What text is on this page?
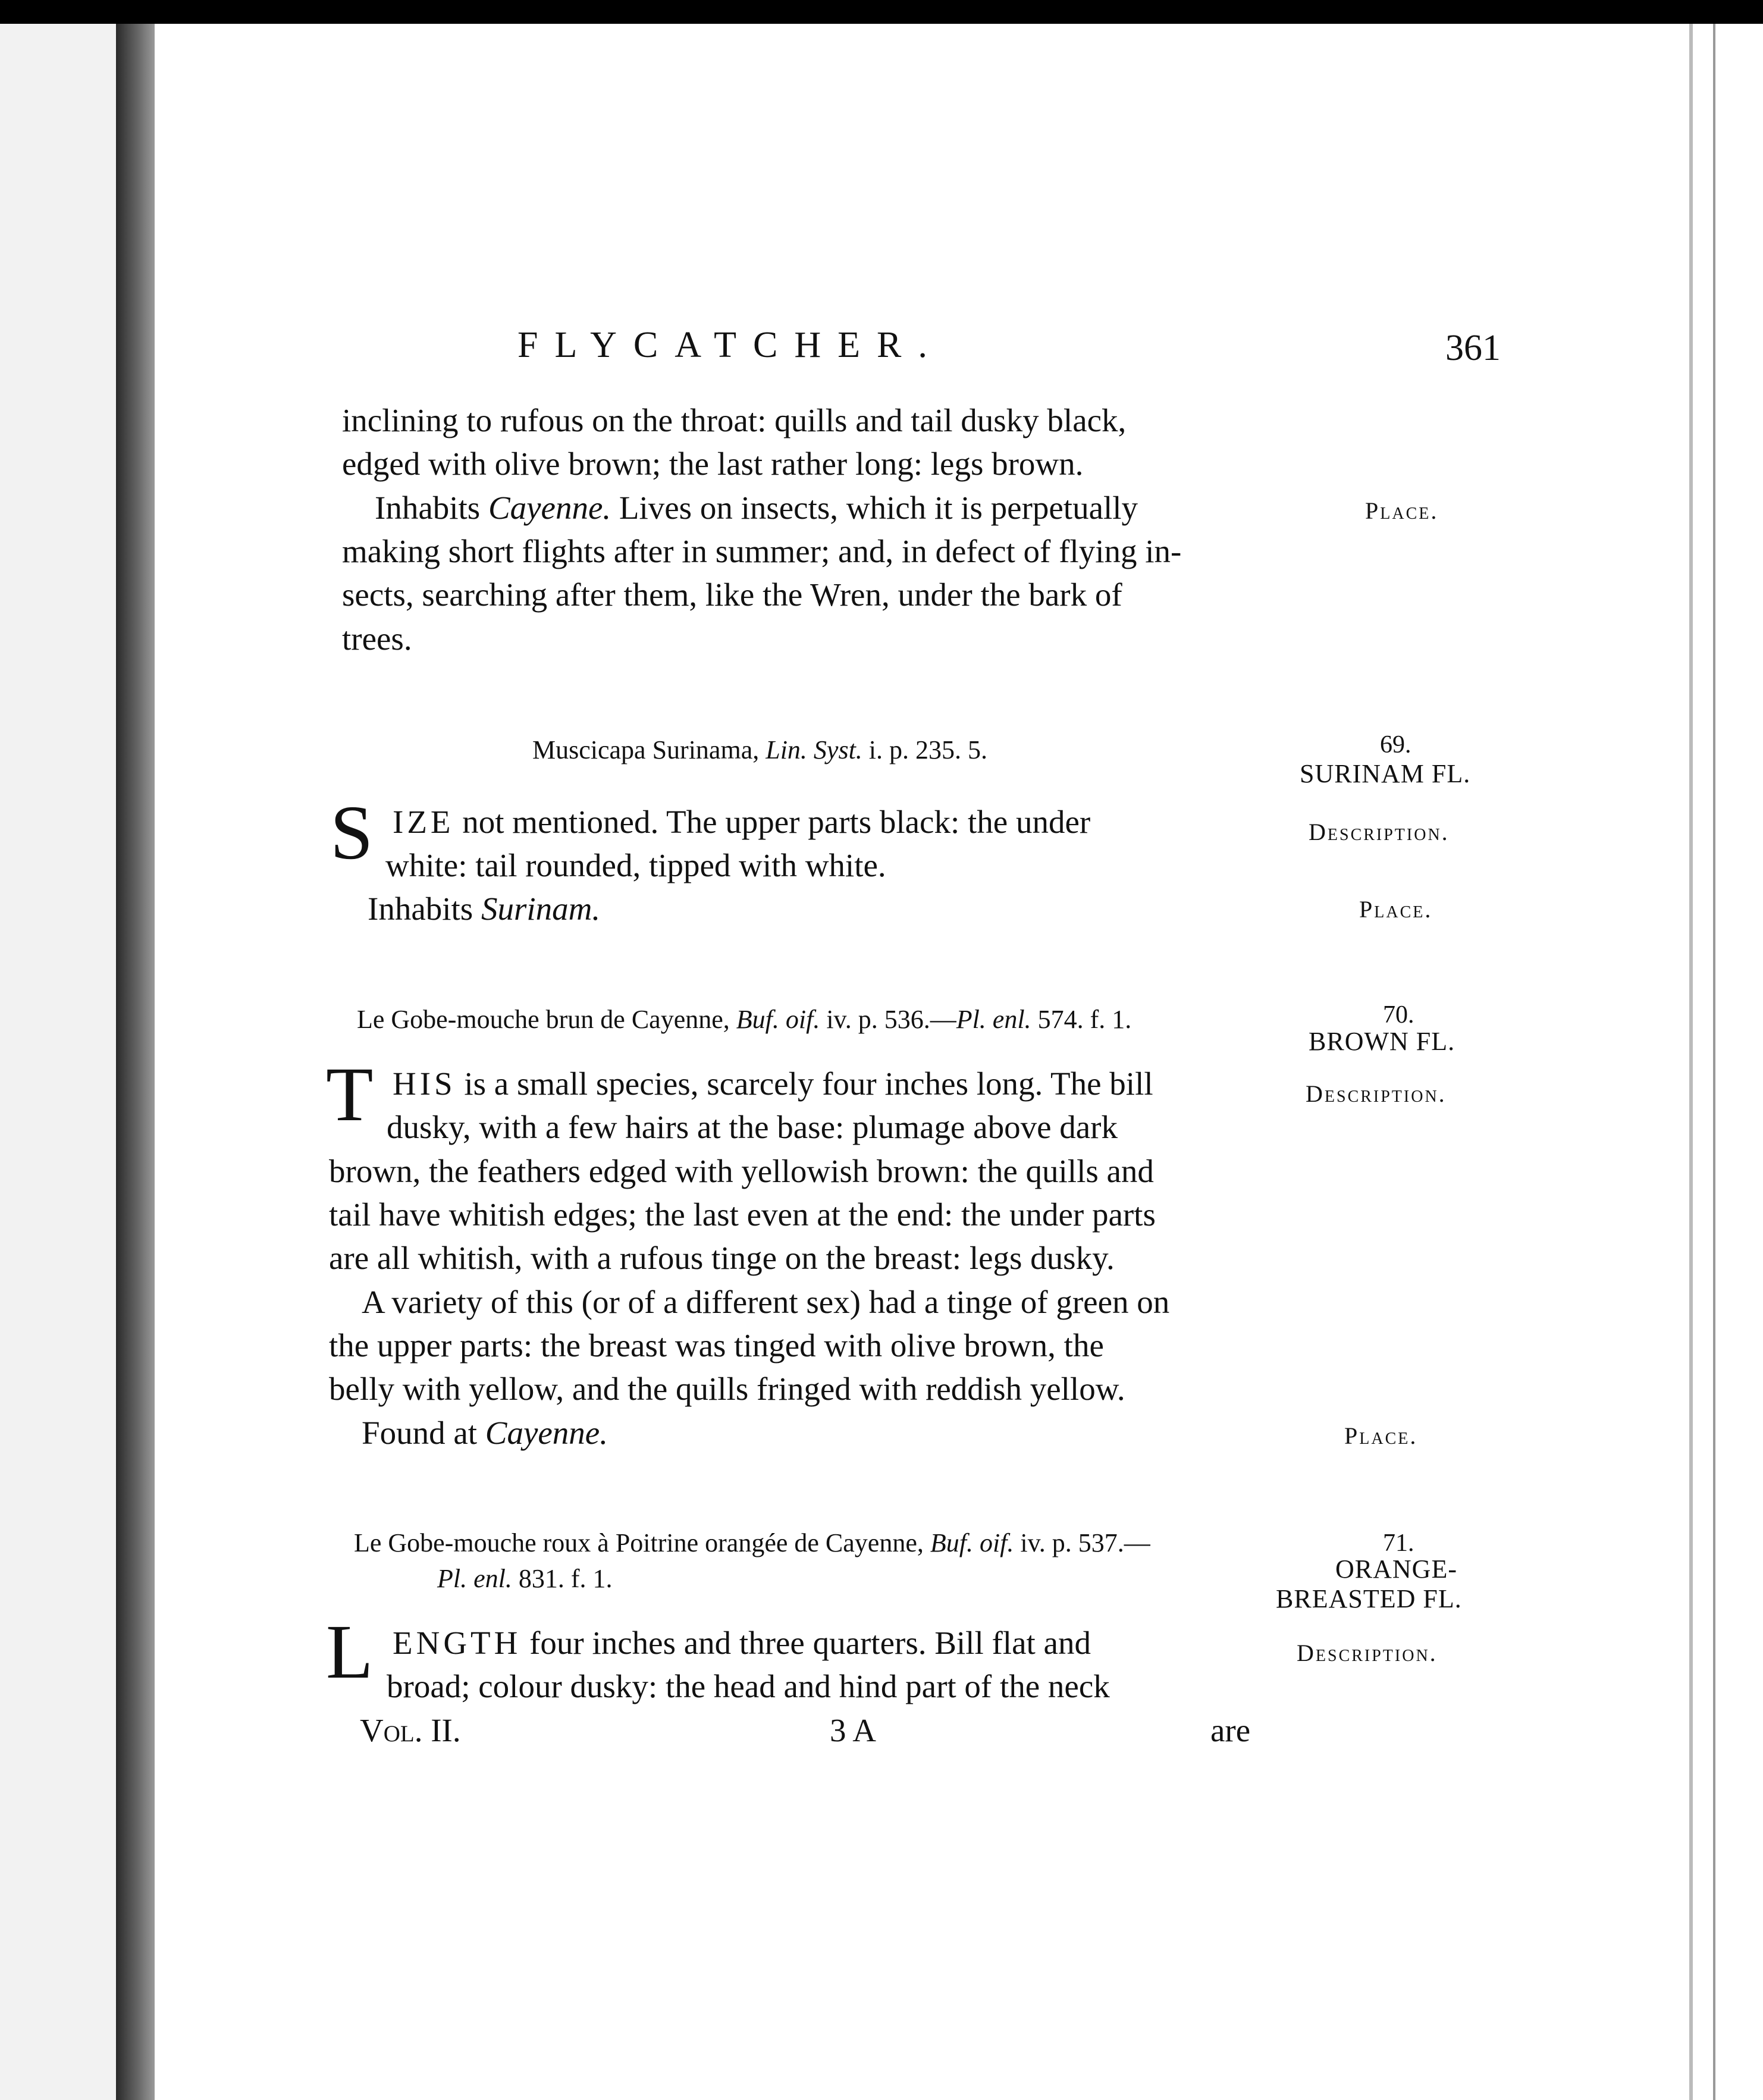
FLYCATCHER.	361
inclining to rufous on the throat: quills and tail dusky black,
edged with olive brown; the last rather long: legs brown.
Inhabits Cayenne. Lives on insects, which it is perpetually
making short flights after in summer; and, in defect of flying in-
sects, searching after them, like the Wren, under the bark of
trees.
Place.
Muscicapa Surinama, Lin. Syst. i. p. 235. 5.	69.
SURINAM FL.
S IZE not mentioned. The upper parts black: the under
white: tail rounded, tipped with white.
Inhabits Surinam.
Description.
Place.
Le Gobe-mouche brun de Cayenne, Buf. oif. iv. p. 536.—Pl. enl. 574. f. 1.	70.
BROWN FL.
T HIS is a small species, scarcely four inches long. The bill
dusky, with a few hairs at the base: plumage above dark
brown, the feathers edged with yellowish brown: the quills and
tail have whitish edges; the last even at the end: the under parts
are all whitish, with a rufous tinge on the breast: legs dusky.
A variety of this (or of a different sex) had a tinge of green on
the upper parts: the breast was tinged with olive brown, the
belly with yellow, and the quills fringed with reddish yellow.
Found at Cayenne.
Description.
Place.
Le Gobe-mouche roux à Poitrine orangée de Cayenne, Buf. oif. iv. p. 537.—
Pl. enl. 831. f. 1.
71.
ORANGE-
BREASTED FL.
L ENGTH four inches and three quarters. Bill flat and
broad; colour dusky: the head and hind part of the neck
Description.
Vol. II.	3 A	are
